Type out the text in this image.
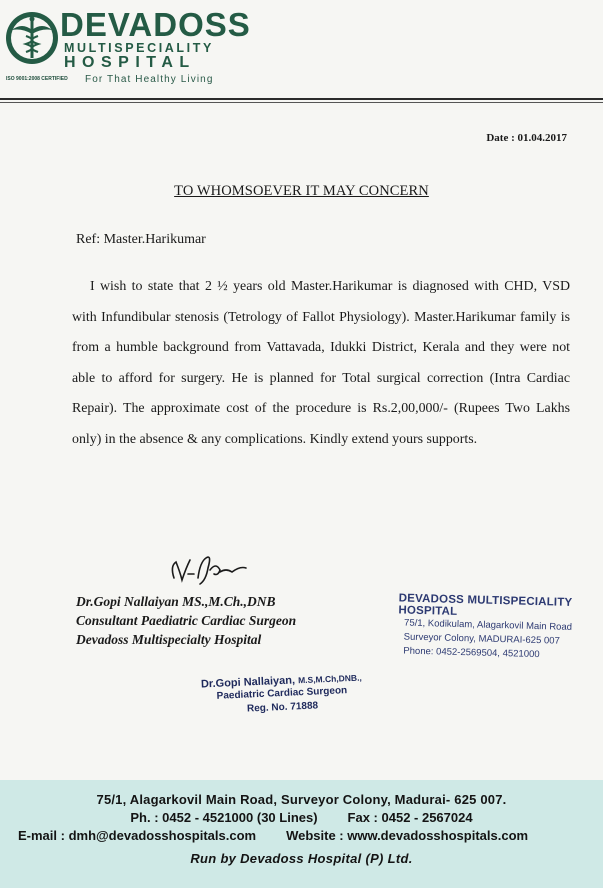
ISO 9001:2008 CERTIFIED
DEVADOSS
MULTISPECIALITY
HOSPITAL
For That Healthy Living
Date : 01.04.2017
TO WHOMSOEVER IT MAY CONCERN
Ref: Master.Harikumar
I wish to state that 2 ½ years old Master.Harikumar is diagnosed with CHD, VSD with Infundibular stenosis (Tetrology of Fallot Physiology). Master.Harikumar family is from a humble background from Vattavada, Idukki District, Kerala and they were not able to afford for surgery. He is planned for Total surgical correction (Intra Cardiac Repair). The approximate cost of the procedure is Rs.2,00,000/- (Rupees Two Lakhs only) in the absence & any complications. Kindly extend yours supports.
Dr.Gopi Nallaiyan MS.,M.Ch.,DNB
Consultant Paediatric Cardiac Surgeon
Devadoss Multispecialty Hospital
DEVADOSS MULTISPECIALITY HOSPITAL
75/1, Kodikulam, Alagarkovil Main Road
Surveyor Colony, MADURAI-625 007
Phone: 0452-2569504, 4521000
Dr.Gopi Nallaiyan, M.S,M.Ch,DNB.,
Paediatric Cardiac Surgeon
Reg. No. 71888
75/1, Alagarkovil Main Road, Surveyor Colony, Madurai- 625 007.
Ph. : 0452 - 4521000 (30 Lines) Fax : 0452 - 2567024
E-mail : dmh@devadosshospitals.com Website : www.devadosshospitals.com
Run by Devadoss Hospital (P) Ltd.
